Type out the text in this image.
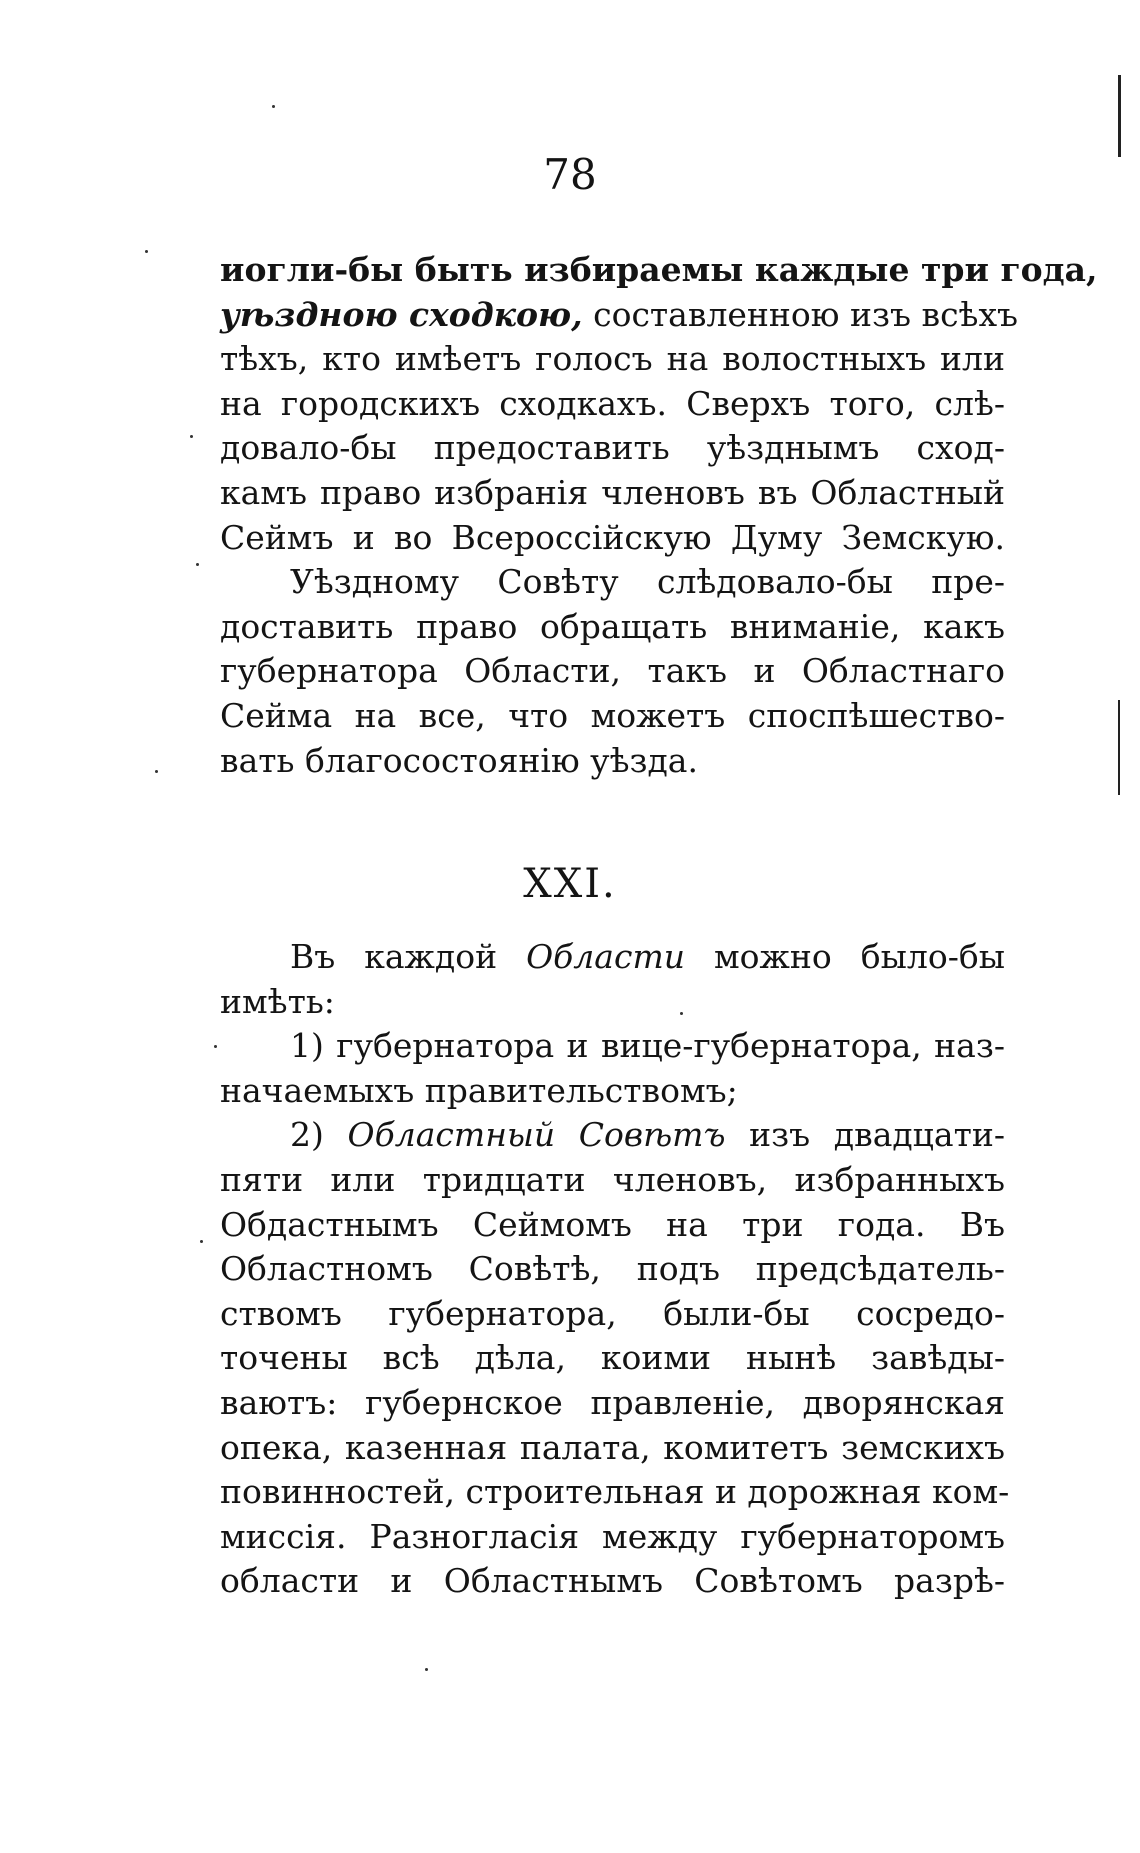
78
иогли-бы быть избираемы каждые три года,
уѣздною сходкою, составленною изъ всѣхъ
тѣхъ, кто имѣетъ голосъ на волостныхъ или
на городскихъ сходкахъ. Сверхъ того, слѣ-
довало-бы предоставить уѣзднымъ сход-
камъ право избранія членовъ въ Областный
Сеймъ и во Всероссійскую Думу Земскую.
Уѣздному Совѣту слѣдовало-бы пре-
доставить право обращать вниманіе, какъ
губернатора Области, такъ и Областнаго
Сейма на все, что можетъ споспѣшество-
вать благосостоянію уѣзда.
XXI.
Въ каждой Области можно было-бы
имѣть:
1) губернатора и вице-губернатора, наз-
начаемыхъ правительствомъ;
2) Областный Совѣтъ изъ двадцати-
пяти или тридцати членовъ, избранныхъ
Обдастнымъ Сеймомъ на три года. Въ
Областномъ Совѣтѣ, подъ предсѣдатель-
ствомъ губернатора, были-бы сосредо-
точены всѣ дѣла, коими нынѣ завѣды-
ваютъ: губернское правленіе, дворянская
опека, казенная палата, комитетъ земскихъ
повинностей, строительная и дорожная ком-
миссія. Разногласія между губернаторомъ
области и Областнымъ Совѣтомъ разрѣ-
